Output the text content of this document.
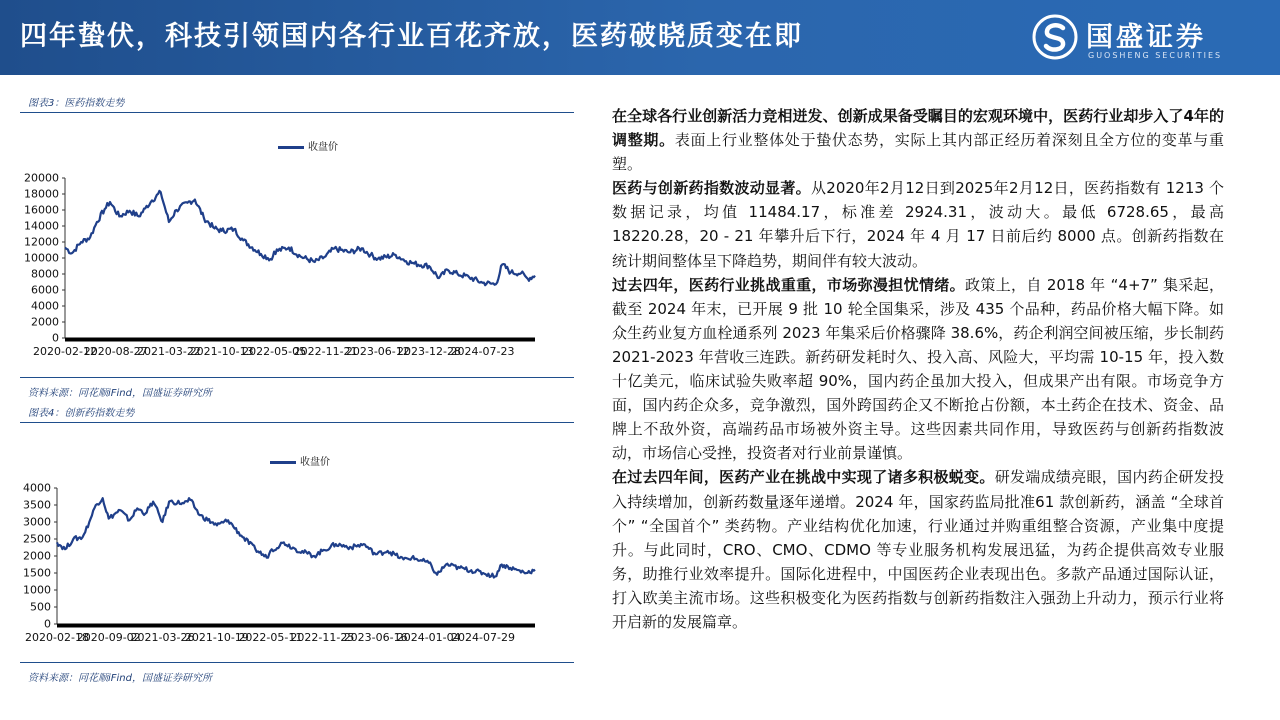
四年蛰伏，科技引领国内各行业百花齐放，医药破晓质变在即	国盛证券
GUOSHENG SECURITIES
图表3：医药指数走势
收盘价
0
2000
4000
6000
8000
10000
12000
14000
16000
18000
20000
2020-02-12
2020-08-27
2021-03-22
2021-10-13
2022-05-05
2022-11-21
2023-06-12
2023-12-28
2024-07-23
资料来源：同花顺iFind，国盛证券研究所
图表4：创新药指数走势
收盘价
0
500
1000
1500
2000
2500
3000
3500
4000
2020-02-18
2020-09-02
2021-03-26
2021-10-19
2022-05-11
2022-11-25
2023-06-16
2024-01-04
2024-07-29
资料来源：同花顺iFind，国盛证券研究所

在全球各行业创新活力竞相迸发、创新成果备受瞩目的宏观环境中，医药行业却步入了4年的调整期。表面上行业整体处于蛰伏态势，实际上其内部正经历着深刻且全方位的变革与重塑。

医药与创新药指数波动显著。从2020年2月12日到2025年2月12日，医药指数有 1213 个数据记录，均值 11484.17，标准差 2924.31，波动大。最低 6728.65，最高 18220.28，20 - 21 年攀升后下行，2024 年 4 月 17 日前后约 8000 点。创新药指数在统计期间整体呈下降趋势，期间伴有较大波动。

过去四年，医药行业挑战重重，市场弥漫担忧情绪。政策上，自 2018 年 “4+7” 集采起，截至 2024 年末，已开展 9 批 10 轮全国集采，涉及 435 个品种，药品价格大幅下降。如众生药业复方血栓通系列 2023 年集采后价格骤降 38.6%，药企利润空间被压缩，步长制药 2021-2023 年营收三连跌。新药研发耗时久、投入高、风险大，平均需 10-15 年，投入数十亿美元，临床试验失败率超 90%，国内药企虽加大投入，但成果产出有限。市场竞争方面，国内药企众多，竞争激烈，国外跨国药企又不断抢占份额，本土药企在技术、资金、品牌上不敌外资，高端药品市场被外资主导。这些因素共同作用，导致医药与创新药指数波动，市场信心受挫，投资者对行业前景谨慎。

在过去四年间，医药产业在挑战中实现了诸多积极蜕变。研发端成绩亮眼，国内药企研发投入持续增加，创新药数量逐年递增。2024 年，国家药监局批准61 款创新药，涵盖 “全球首个” “全国首个” 类药物。产业结构优化加速，行业通过并购重组整合资源，产业集中度提升。与此同时，CRO、CMO、CDMO 等专业服务机构发展迅猛，为药企提供高效专业服务，助推行业效率提升。国际化进程中，中国医药企业表现出色。多款产品通过国际认证，打入欧美主流市场。这些积极变化为医药指数与创新药指数注入强劲上升动力，预示行业将开启新的发展篇章。
